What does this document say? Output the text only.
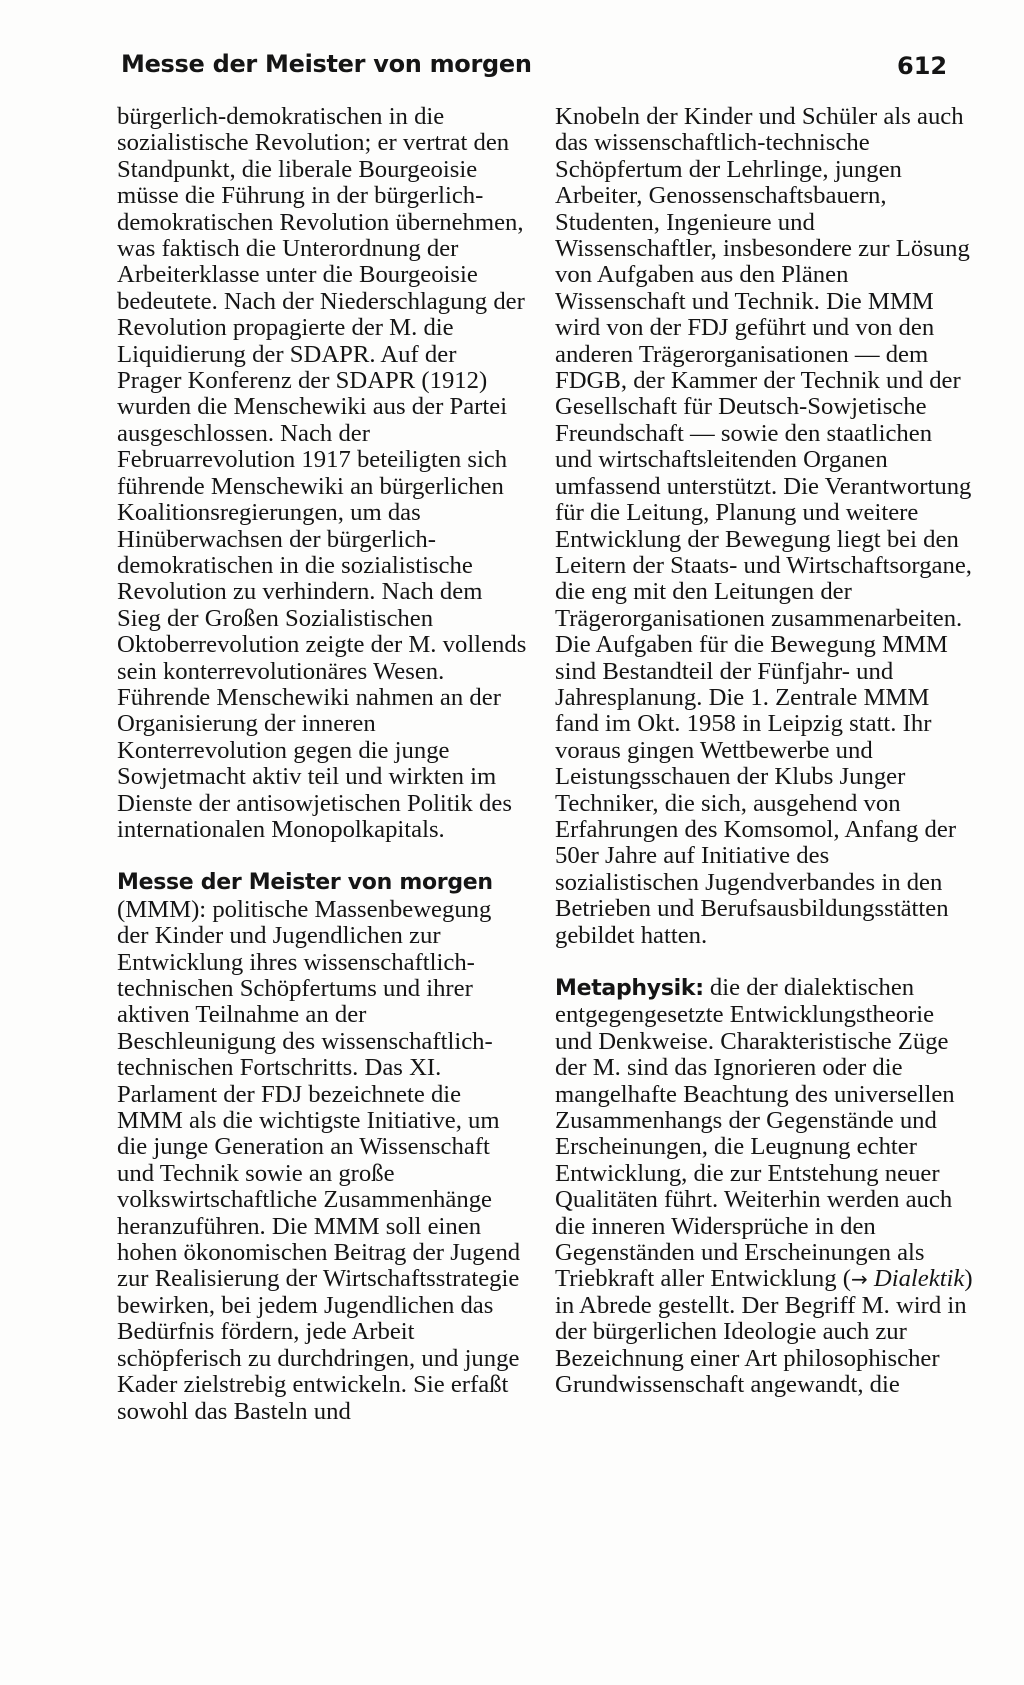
Messe der Meister von morgen	612

bürgerlich-demokratischen in die sozialistische Revolution; er vertrat den Standpunkt, die liberale Bourgeoisie müsse die Führung in der bürgerlich-demokratischen Revolution übernehmen, was faktisch die Unterordnung der Arbeiterklasse unter die Bourgeoisie bedeutete. Nach der Niederschlagung der Revolution propagierte der M. die Liquidierung der SDAPR. Auf der Prager Konferenz der SDAPR (1912) wurden die Menschewiki aus der Partei ausgeschlossen. Nach der Februarrevolution 1917 beteiligten sich führende Menschewiki an bürgerlichen Koalitionsregierungen, um das Hinüberwachsen der bürgerlich-demokratischen in die sozialistische Revolution zu verhindern. Nach dem Sieg der Großen Sozialistischen Oktoberrevolution zeigte der M. vollends sein konterrevolutionäres Wesen. Führende Menschewiki nahmen an der Organisierung der inneren Konterrevolution gegen die junge Sowjetmacht aktiv teil und wirkten im Dienste der antisowjetischen Politik des internationalen Monopolkapitals.

Messe der Meister von morgen
(MMM): politische Massenbewegung der Kinder und Jugendlichen zur Entwicklung ihres wissenschaftlich-technischen Schöpfertums und ihrer aktiven Teilnahme an der Beschleunigung des wissenschaftlich-technischen Fortschritts. Das XI. Parlament der FDJ bezeichnete die MMM als die wichtigste Initiative, um die junge Generation an Wissenschaft und Technik sowie an große volkswirtschaftliche Zusammenhänge heranzuführen. Die MMM soll einen hohen ökonomischen Beitrag der Jugend zur Realisierung der Wirtschaftsstrategie bewirken, bei jedem Jugendlichen das Bedürfnis fördern, jede Arbeit schöpferisch zu durchdringen, und junge Kader zielstrebig entwickeln. Sie erfaßt sowohl das Basteln und

Knobeln der Kinder und Schüler als auch das wissenschaftlich-technische Schöpfertum der Lehrlinge, jungen Arbeiter, Genossenschaftsbauern, Studenten, Ingenieure und Wissenschaftler, insbesondere zur Lösung von Aufgaben aus den Plänen Wissenschaft und Technik. Die MMM wird von der FDJ geführt und von den anderen Trägerorganisationen — dem FDGB, der Kammer der Technik und der Gesellschaft für Deutsch-Sowjetische Freundschaft — sowie den staatlichen und wirtschaftsleitenden Organen umfassend unterstützt. Die Verantwortung für die Leitung, Planung und weitere Entwicklung der Bewegung liegt bei den Leitern der Staats- und Wirtschaftsorgane, die eng mit den Leitungen der Trägerorganisationen zusammenarbeiten. Die Aufgaben für die Bewegung MMM sind Bestandteil der Fünfjahr- und Jahresplanung. Die 1. Zentrale MMM fand im Okt. 1958 in Leipzig statt. Ihr voraus gingen Wettbewerbe und Leistungsschauen der Klubs Junger Techniker, die sich, ausgehend von Erfahrungen des Komsomol, Anfang der 50er Jahre auf Initiative des sozialistischen Jugendverbandes in den Betrieben und Berufsausbildungsstätten gebildet hatten.

Metaphysik: die der dialektischen entgegengesetzte Entwicklungstheorie und Denkweise. Charakteristische Züge der M. sind das Ignorieren oder die mangelhafte Beachtung des universellen Zusammenhangs der Gegenstände und Erscheinungen, die Leugnung echter Entwicklung, die zur Entstehung neuer Qualitäten führt. Weiterhin werden auch die inneren Widersprüche in den Gegenständen und Erscheinungen als Triebkraft aller Entwicklung (→ Dialektik) in Abrede gestellt. Der Begriff M. wird in der bürgerlichen Ideologie auch zur Bezeichnung einer Art philosophischer Grundwissenschaft angewandt, die
